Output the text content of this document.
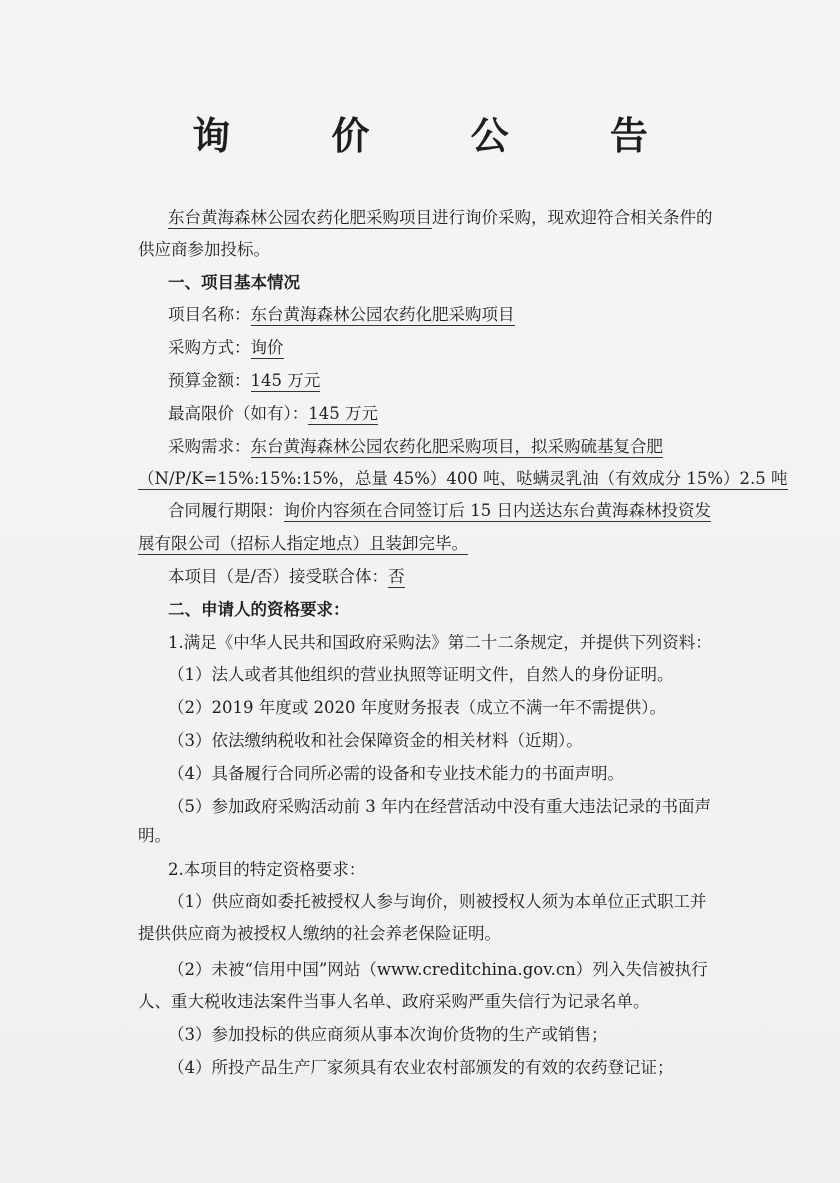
询 价 公 告
东台黄海森林公园农药化肥采购项目进行询价采购，现欢迎符合相关条件的
供应商参加投标。
一、项目基本情况
项目名称：东台黄海森林公园农药化肥采购项目
采购方式：询价
预算金额：145 万元
最高限价（如有）：145 万元
采购需求：东台黄海森林公园农药化肥采购项目，拟采购硫基复合肥
（N/P/K=15%:15%:15%，总量 45%）400 吨、哒螨灵乳油（有效成分 15%）2.5 吨
合同履行期限：询价内容须在合同签订后 15 日内送达东台黄海森林投资发
展有限公司（招标人指定地点）且装卸完毕。
本项目（是/否）接受联合体：否
二、申请人的资格要求：
1.满足《中华人民共和国政府采购法》第二十二条规定，并提供下列资料：
（1）法人或者其他组织的营业执照等证明文件，自然人的身份证明。
（2）2019 年度或 2020 年度财务报表（成立不满一年不需提供）。
（3）依法缴纳税收和社会保障资金的相关材料（近期）。
（4）具备履行合同所必需的设备和专业技术能力的书面声明。
（5）参加政府采购活动前 3 年内在经营活动中没有重大违法记录的书面声
明。
2.本项目的特定资格要求：
（1）供应商如委托被授权人参与询价，则被授权人须为本单位正式职工并
提供供应商为被授权人缴纳的社会养老保险证明。
（2）未被“信用中国”网站（www.creditchina.gov.cn）列入失信被执行
人、重大税收违法案件当事人名单、政府采购严重失信行为记录名单。
（3）参加投标的供应商须从事本次询价货物的生产或销售；
（4）所投产品生产厂家须具有农业农村部颁发的有效的农药登记证；
